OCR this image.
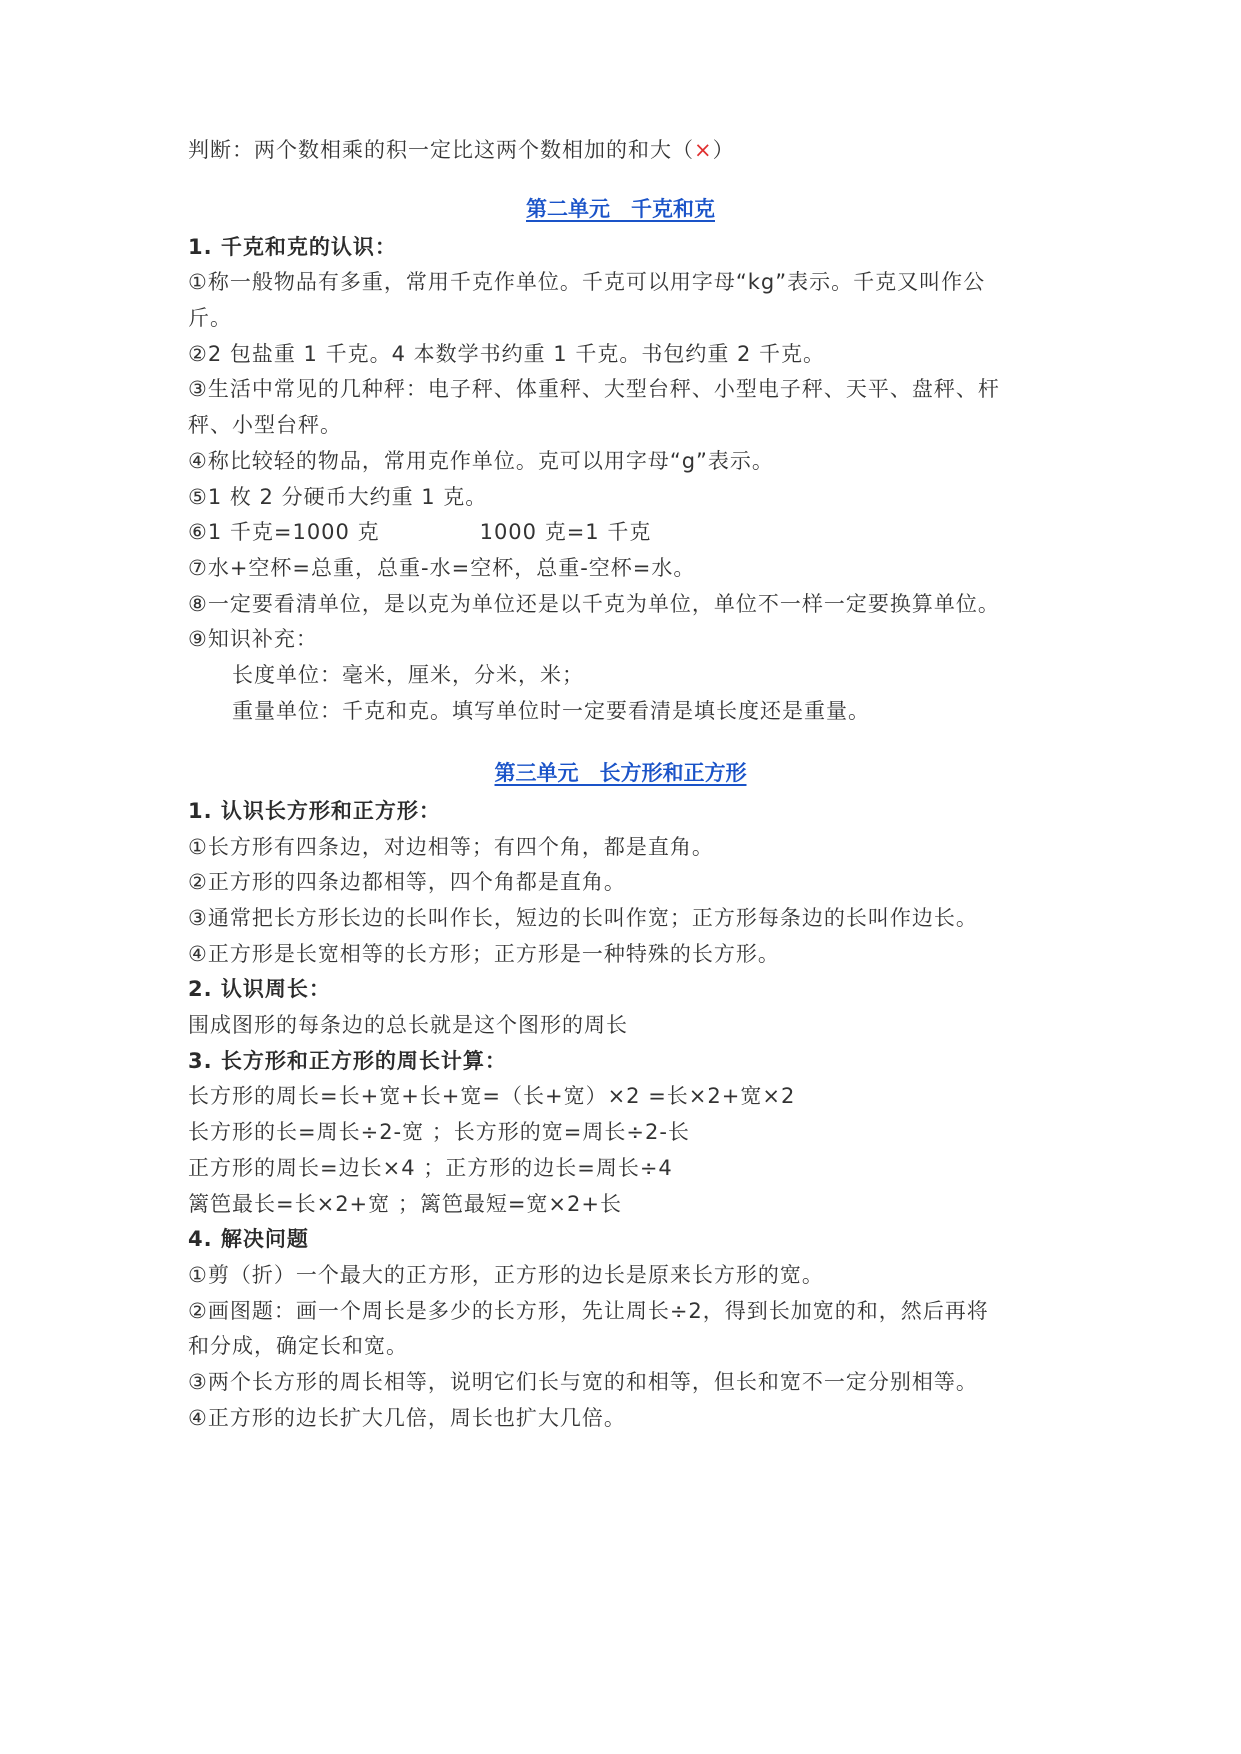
判断：两个数相乘的积一定比这两个数相加的和大（×）
第二单元　千克和克
1. 千克和克的认识：
①称一般物品有多重，常用千克作单位。千克可以用字母“kg”表示。千克又叫作公
斤。
②2 包盐重 1 千克。4 本数学书约重 1 千克。书包约重 2 千克。
③生活中常见的几种秤：电子秤、体重秤、大型台秤、小型电子秤、天平、盘秤、杆
秤、小型台秤。
④称比较轻的物品，常用克作单位。克可以用字母“g”表示。
⑤1 枚 2 分硬币大约重 1 克。
⑥1 千克=1000 克	1000 克=1 千克
⑦水+空杯=总重，总重-水=空杯，总重-空杯=水。
⑧一定要看清单位，是以克为单位还是以千克为单位，单位不一样一定要换算单位。
⑨知识补充：
长度单位：毫米，厘米，分米，米；
重量单位：千克和克。填写单位时一定要看清是填长度还是重量。
第三单元　长方形和正方形
1. 认识长方形和正方形：
①长方形有四条边，对边相等；有四个角，都是直角。
②正方形的四条边都相等，四个角都是直角。
③通常把长方形长边的长叫作长，短边的长叫作宽；正方形每条边的长叫作边长。
④正方形是长宽相等的长方形；正方形是一种特殊的长方形。
2. 认识周长：
围成图形的每条边的总长就是这个图形的周长
3. 长方形和正方形的周长计算：
长方形的周长=长+宽+长+宽=（长+宽）×2 =长×2+宽×2
长方形的长=周长÷2-宽 ；长方形的宽=周长÷2-长
正方形的周长=边长×4 ；正方形的边长=周长÷4
篱笆最长=长×2+宽 ；篱笆最短=宽×2+长
4. 解决问题
①剪（折）一个最大的正方形，正方形的边长是原来长方形的宽。
②画图题：画一个周长是多少的长方形，先让周长÷2，得到长加宽的和，然后再将
和分成，确定长和宽。
③两个长方形的周长相等，说明它们长与宽的和相等，但长和宽不一定分别相等。
④正方形的边长扩大几倍，周长也扩大几倍。
